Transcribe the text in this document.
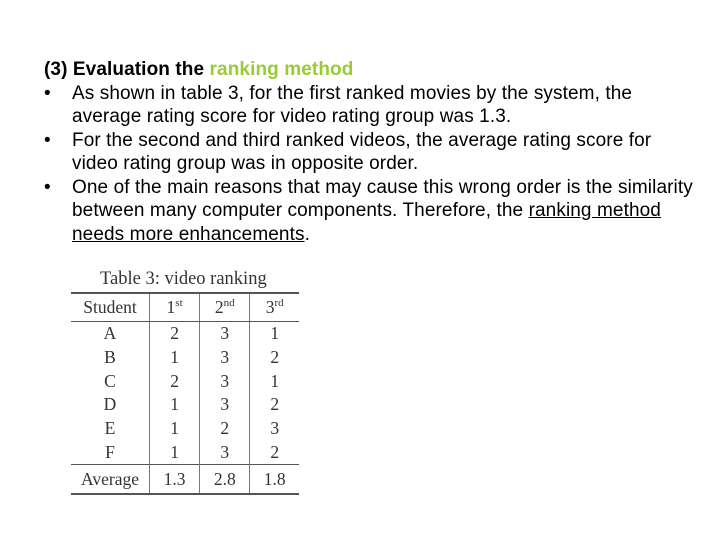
(3) Evaluation the ranking method
• As shown in table 3, for the first ranked movies by the system, the average rating score for video rating group was 1.3.
• For the second and third ranked videos, the average rating score for video rating group was in opposite order.
• One of the main reasons that may cause this wrong order is the similarity between many computer components. Therefore, the ranking method needs more enhancements.
Table 3: video ranking
Student	1st	2nd	3rd
A	2	3	1
B	1	3	2
C	2	3	1
D	1	3	2
E	1	2	3
F	1	3	2
Average	1.3	2.8	1.8
